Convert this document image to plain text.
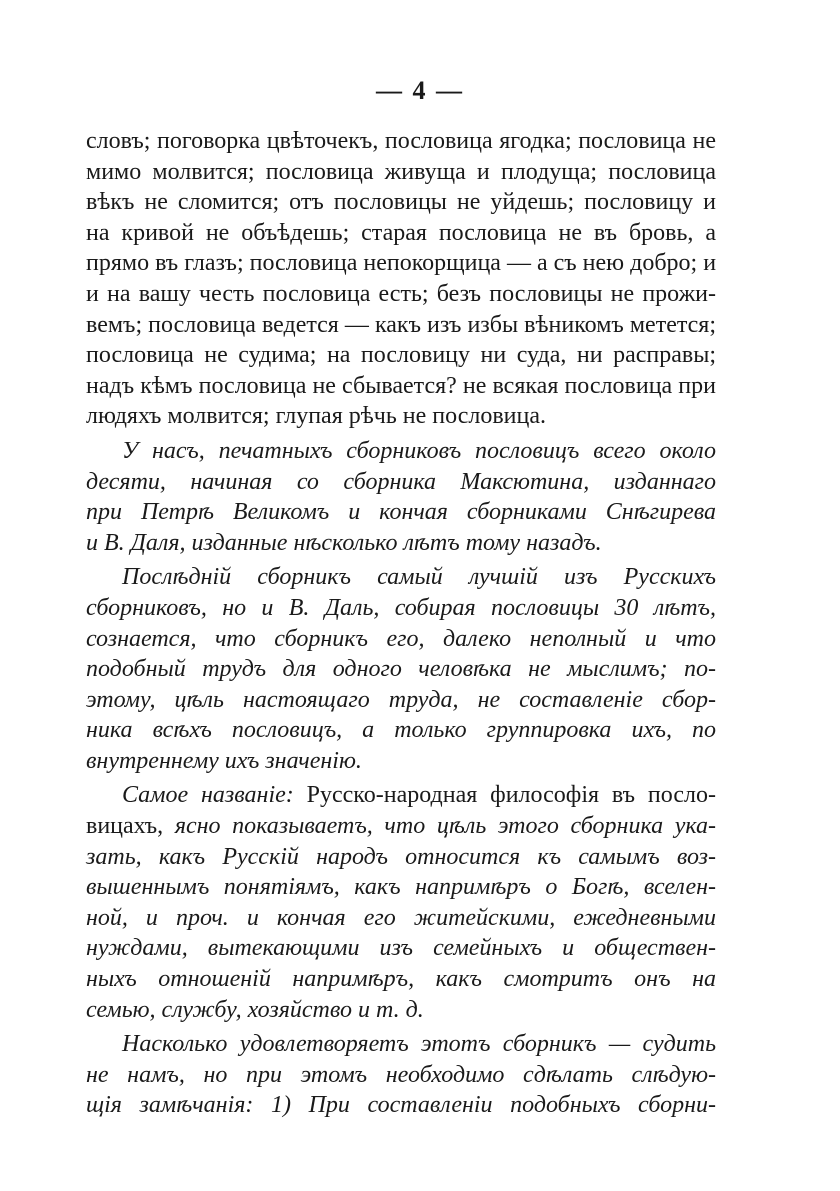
— 4 —
словъ; поговорка цвѣточекъ, пословица ягодка; пословица не
мимо молвится; пословица живуща и плодуща; пословица
вѣкъ не сломится; отъ пословицы не уйдешь; пословицу и
на кривой не объѣдешь; старая пословица не въ бровь, а
прямо въ глазъ; пословица непокорщица — а съ нею добро; и
и на вашу честь пословица есть; безъ пословицы не прожи-
вемъ; пословица ведется — какъ изъ избы вѣникомъ метется;
пословица не судима; на пословицу ни суда, ни расправы;
надъ кѣмъ пословица не сбывается? не всякая пословица при
людяхъ молвится; глупая рѣчь не пословица.
У насъ, печатныхъ сборниковъ пословицъ всего около
десяти, начиная со сборника Максютина, изданнаго
при Петрѣ Великомъ и кончая сборниками Снѣгирева
и В. Даля, изданные нѣсколько лѣтъ тому назадъ.
Послѣднiй сборникъ самый лучшiй изъ Русскихъ
сборниковъ, но и В. Даль, собирая пословицы 30 лѣтъ,
сознается, что сборникъ его, далеко неполный и что
подобный трудъ для одного человѣка не мыслимъ; по-
этому, цѣль настоящаго труда, не составленiе сбор-
ника всѣхъ пословицъ, а только группировка ихъ, по
внутреннему ихъ значенiю.
Самое названiе: Русско-народная философiя въ посло-
вицахъ, ясно показываетъ, что цѣль этого сборника ука-
зать, какъ Русскiй народъ относится къ самымъ воз-
вышеннымъ понятiямъ, какъ напримѣръ о Богѣ, вселен-
ной, и проч. и кончая его житейскими, ежедневными
нуждами, вытекающими изъ семейныхъ и обществен-
ныхъ отношенiй напримѣръ, какъ смотритъ онъ на
семью, службу, хозяйство и т. д.
Насколько удовлетворяетъ этотъ сборникъ — судить
не намъ, но при этомъ необходимо сдѣлать слѣдую-
щiя замѣчанiя: 1) При составленiи подобныхъ сборни-
